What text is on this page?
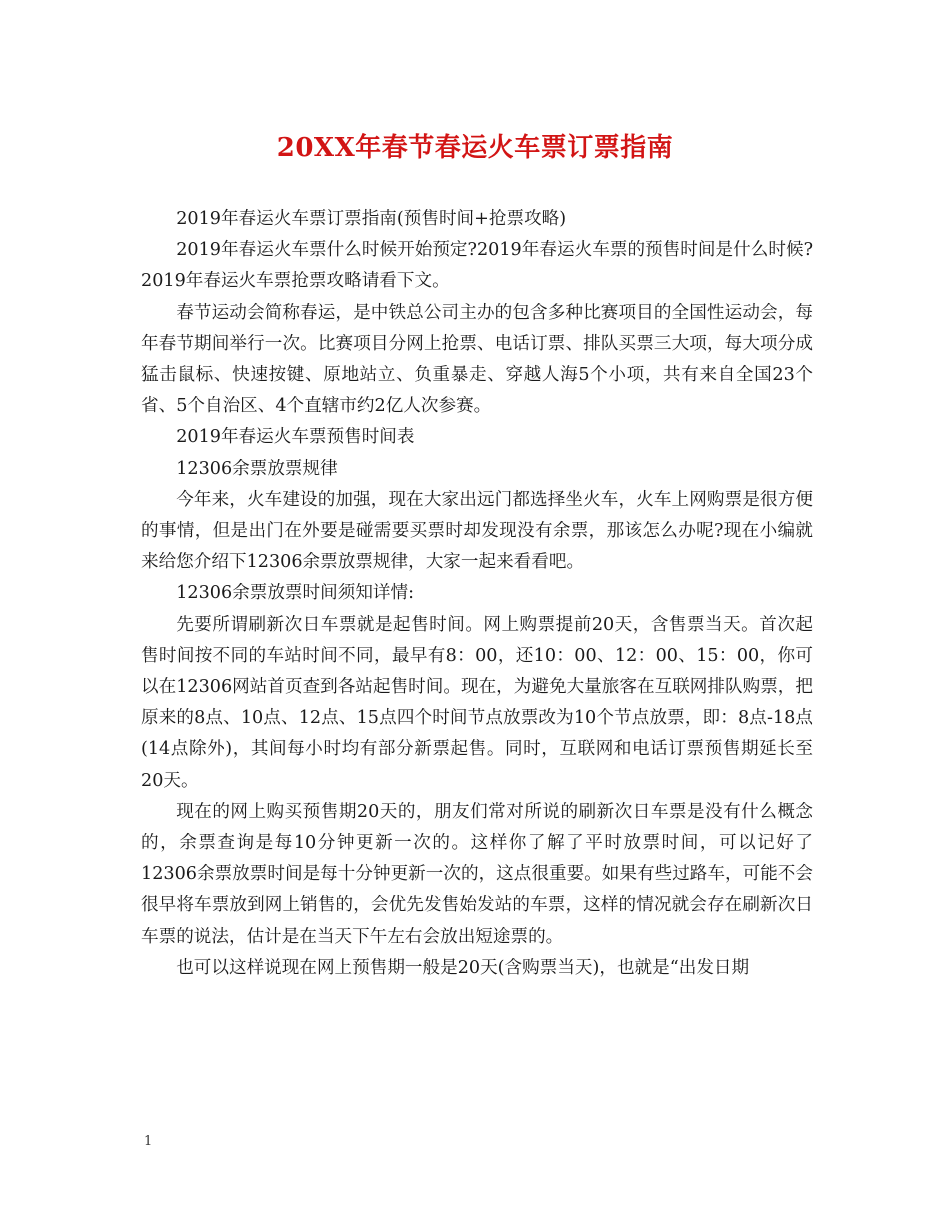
20XX年春节春运火车票订票指南

2019年春运火车票订票指南(预售时间+抢票攻略)

2019年春运火车票什么时候开始预定?2019年春运火车票的预售时间是什么时候?2019年春运火车票抢票攻略请看下文。

春节运动会简称春运，是中铁总公司主办的包含多种比赛项目的全国性运动会，每年春节期间举行一次。比赛项目分网上抢票、电话订票、排队买票三大项，每大项分成猛击鼠标、快速按键、原地站立、负重暴走、穿越人海5个小项，共有来自全国23个省、5个自治区、4个直辖市约2亿人次参赛。

2019年春运火车票预售时间表

12306余票放票规律

今年来，火车建设的加强，现在大家出远门都选择坐火车，火车上网购票是很方便的事情，但是出门在外要是碰需要买票时却发现没有余票，那该怎么办呢?现在小编就来给您介绍下12306余票放票规律，大家一起来看看吧。

12306余票放票时间须知详情:

先要所谓刷新次日车票就是起售时间。网上购票提前20天，含售票当天。首次起售时间按不同的车站时间不同，最早有8：00，还10：00、12：00、15：00，你可以在12306网站首页查到各站起售时间。现在，为避免大量旅客在互联网排队购票，把原来的8点、10点、12点、15点四个时间节点放票改为10个节点放票，即：8点-18点(14点除外)，其间每小时均有部分新票起售。同时，互联网和电话订票预售期延长至20天。

现在的网上购买预售期20天的，朋友们常对所说的刷新次日车票是没有什么概念的，余票查询是每10分钟更新一次的。这样你了解了平时放票时间，可以记好了12306余票放票时间是每十分钟更新一次的，这点很重要。如果有些过路车，可能不会很早将车票放到网上销售的，会优先发售始发站的车票，这样的情况就会存在刷新次日车票的说法，估计是在当天下午左右会放出短途票的。

也可以这样说现在网上预售期一般是20天(含购票当天)，也就是“出发日期

1
